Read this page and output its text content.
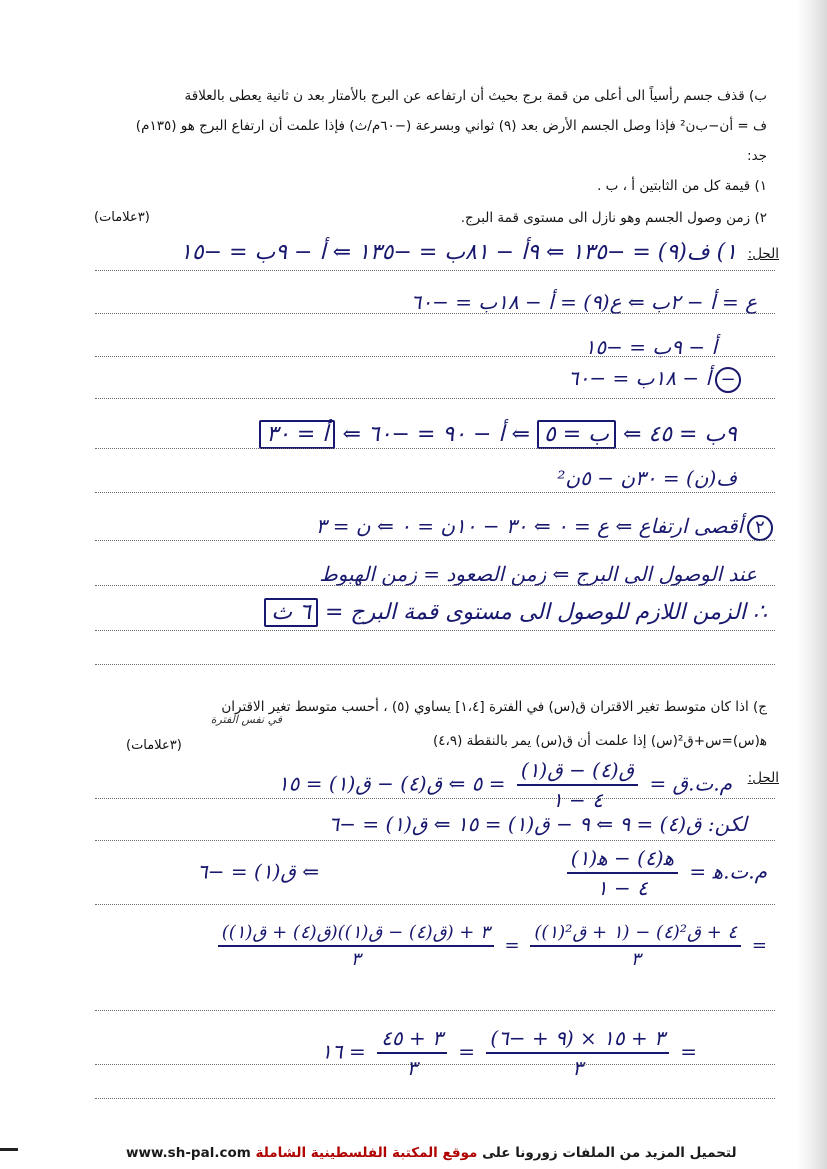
ب) قذف جسم رأسياً الى أعلى من قمة برج بحيث أن ارتفاعه عن البرج بالأمتار بعد ﻥ ثانية يعطى بالعلاقة
ف = أﻥ−ﺏﻥ² فإذا وصل الجسم الأرض بعد (٩) ثواني وبسرعة (−٦٠م/ث) فإذا علمت أن ارتفاع البرج هو (١٣٥م)
جد:
١) قيمة كل من الثابتين أ ، ب .
٢) زمن وصول الجسم وهو نازل الى مستوى قمة البرج.
(٣علامات)
الحل:
١) ف(٩) = −١٣٥ ⇐ ٩أ − ٨١ب = −١٣٥ ⇐ أ − ٩ب = −١٥
ع = أ − ٢ب ⇐ ع(٩) = أ − ١٨ب = −٦٠
أ − ٩ب = −١٥
−أ − ١٨ب = −٦٠
٩ب = ٤٥ ⇐ ب = ٥ ⇐ أ − ٩٠ = −٦٠ ⇐ أ = ٣٠
ف(ﻥ) = ٣٠ﻥ − ٥ﻥ²
٢أقصى ارتفاع ⇐ ع = ٠ ⇐ ٣٠ − ١٠ﻥ = ٠ ⇐ ﻥ = ٣
عند الوصول الى البرج ⇐ زمن الصعود = زمن الهبوط
∴ الزمن اللازم للوصول الى مستوى قمة البرج = ٦ ث
ج) اذا كان متوسط تغير الاقتران ق(س) في الفترة [١،٤] يساوي (٥) ، أحسب متوسط تغير الاقتران
في نفس الفترة
ﻫ(س)=س+ق²(س) إذا علمت أن ق(س) يمر بالنقطة (٤،٩)
(٣علامات)
الحل:
م.ت.ق =
$\frac{\text{ق(٤) − ق(١)}}{٤ - ١}$
= ٥ ⇐ ق(٤) − ق(١) = ١٥
لكن: ق(٤) = ٩ ⇐ ٩ − ق(١) = ١٥ ⇐ ق(١) = −٦
م.ت.ﻫ =
$\frac{\text{ﻫ(٤) − ﻫ(١)}}{٤ - ١}$
⇐ ق(١) = −٦
=
$\frac{\text{٤ + ق²(٤) − (١ + ق²(١))}}{٣}$
=
$\frac{\text{٣ + (ق(٤) − ق(١))(ق(٤) + ق(١))}}{٣}$
=
$\frac{٣ + ١٥ \times (٩ + -٦)}{٣}$
=
$\frac{٣ + ٤٥}{٣}$
= ١٦
www.sh-pal.com موقع المكتبة الفلسطينية الشاملة لتحميل المزيد من الملفات زورونا على
